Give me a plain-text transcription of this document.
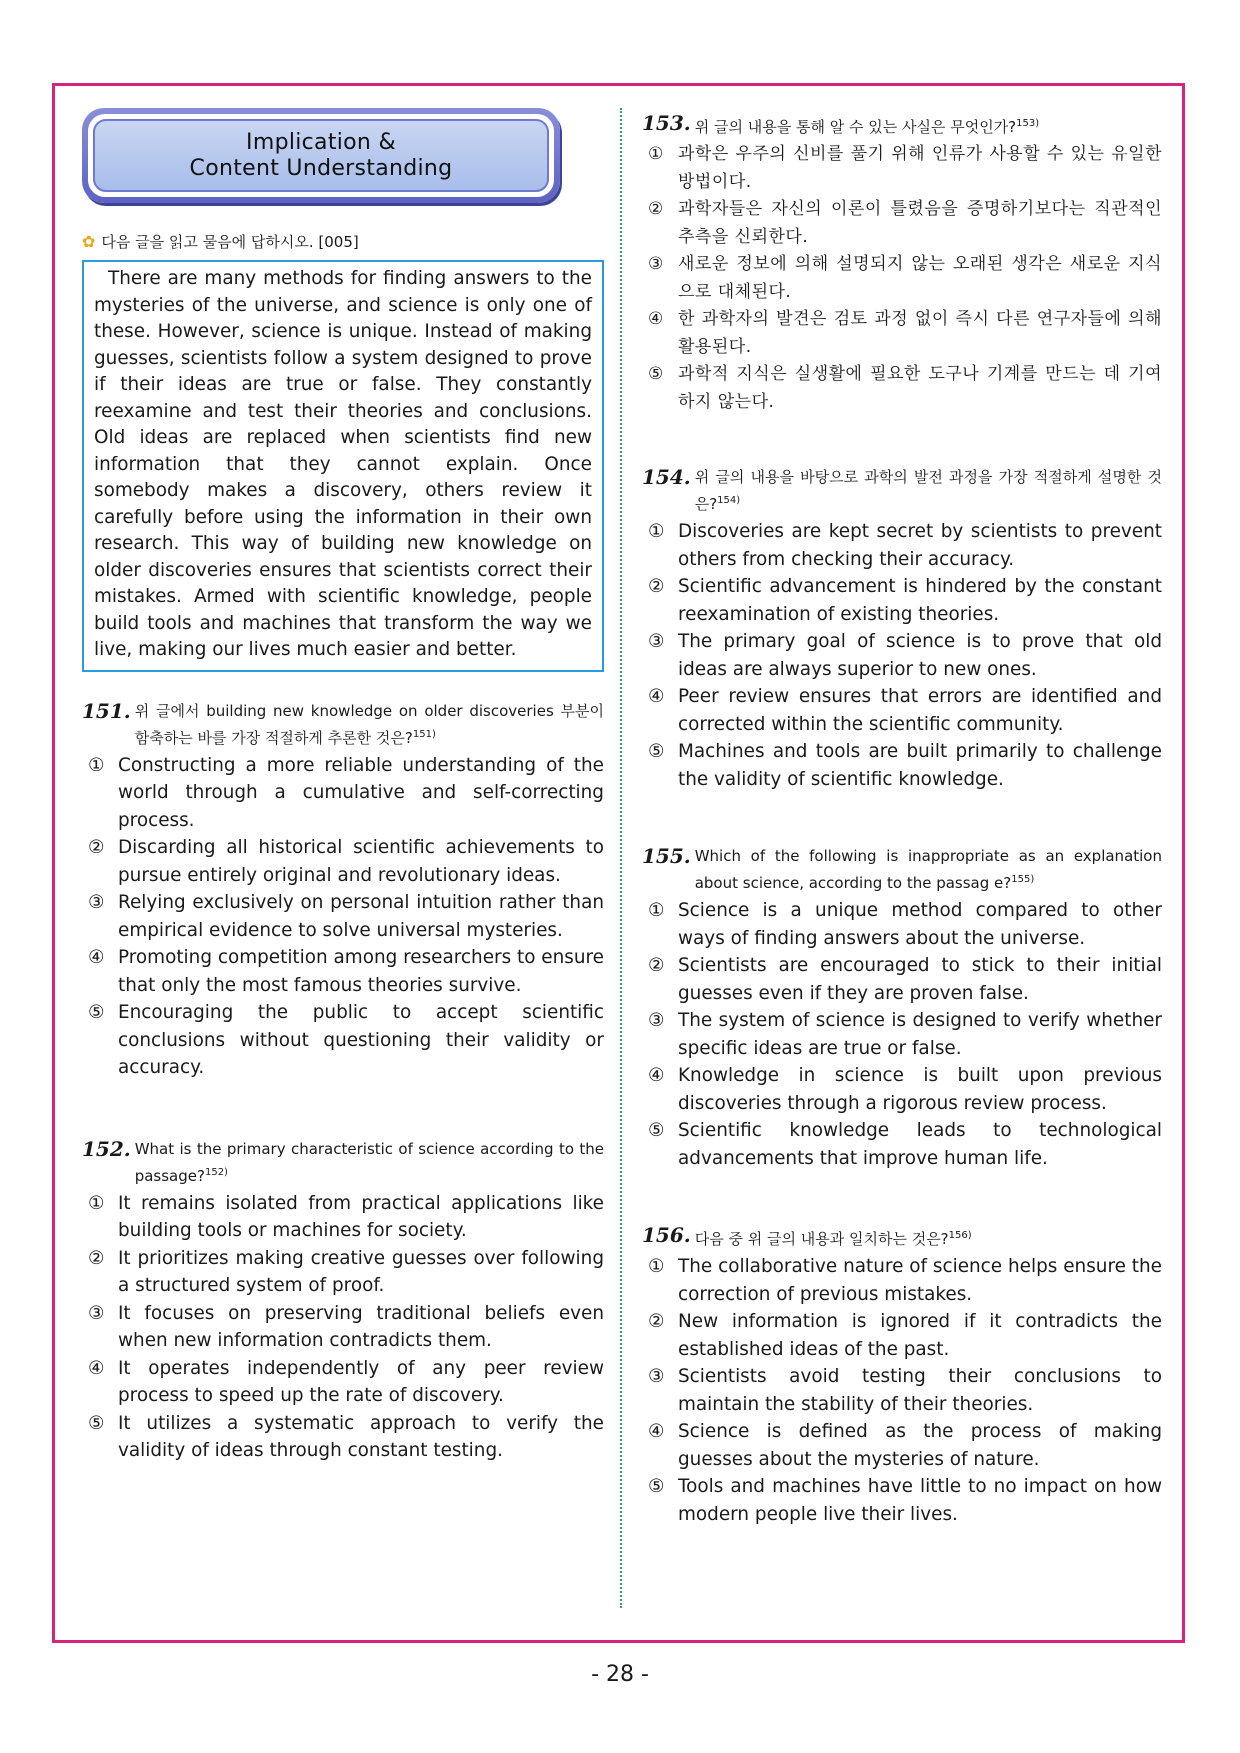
Implication &
Content Understanding
✿ 다음 글을 읽고 물음에 답하시오. [005]

There are many methods for finding answers to the mysteries of the universe, and science is only one of these. However, science is unique. Instead of making guesses, scientists follow a system designed to prove if their ideas are true or false. They constantly reexamine and test their theories and conclusions. Old ideas are replaced when scientists find new information that they cannot explain. Once somebody makes a discovery, others review it carefully before using the information in their own research. This way of building new knowledge on older discoveries ensures that scientists correct their mistakes. Armed with scientific knowledge, people build tools and machines that transform the way we live, making our lives much easier and better.

151. 위 글에서 building new knowledge on older discoveries 부분이 함축하는 바를 가장 적절하게 추론한 것은?$^{151)}$
① Constructing a more reliable understanding of the world through a cumulative and self-correcting process.
② Discarding all historical scientific achievements to pursue entirely original and revolutionary ideas.
③ Relying exclusively on personal intuition rather than empirical evidence to solve universal mysteries.
④ Promoting competition among researchers to ensure that only the most famous theories survive.
⑤ Encouraging the public to accept scientific conclusions without questioning their validity or accuracy.
152. What is the primary characteristic of science according to the passage?$^{152)}$
① It remains isolated from practical applications like building tools or machines for society.
② It prioritizes making creative guesses over following a structured system of proof.
③ It focuses on preserving traditional beliefs even when new information contradicts them.
④ It operates independently of any peer review process to speed up the rate of discovery.
⑤ It utilizes a systematic approach to verify the validity of ideas through constant testing.
153. 위 글의 내용을 통해 알 수 있는 사실은 무엇인가?$^{153)}$
① 과학은 우주의 신비를 풀기 위해 인류가 사용할 수 있는 유일한 방법이다.
② 과학자들은 자신의 이론이 틀렸음을 증명하기보다는 직관적인 추측을 신뢰한다.
③ 새로운 정보에 의해 설명되지 않는 오래된 생각은 새로운 지식으로 대체된다.
④ 한 과학자의 발견은 검토 과정 없이 즉시 다른 연구자들에 의해 활용된다.
⑤ 과학적 지식은 실생활에 필요한 도구나 기계를 만드는 데 기여하지 않는다.
154. 위 글의 내용을 바탕으로 과학의 발전 과정을 가장 적절하게 설명한 것은?$^{154)}$
① Discoveries are kept secret by scientists to prevent others from checking their accuracy.
② Scientific advancement is hindered by the constant reexamination of existing theories.
③ The primary goal of science is to prove that old ideas are always superior to new ones.
④ Peer review ensures that errors are identified and corrected within the scientific community.
⑤ Machines and tools are built primarily to challenge the validity of scientific knowledge.
155. Which of the following is inappropriate as an explanation about science, according to the passag e?$^{155)}$
① Science is a unique method compared to other ways of finding answers about the universe.
② Scientists are encouraged to stick to their initial guesses even if they are proven false.
③ The system of science is designed to verify whether specific ideas are true or false.
④ Knowledge in science is built upon previous discoveries through a rigorous review process.
⑤ Scientific knowledge leads to technological advancements that improve human life.
156. 다음 중 위 글의 내용과 일치하는 것은?$^{156)}$
① The collaborative nature of science helps ensure the correction of previous mistakes.
② New information is ignored if it contradicts the established ideas of the past.
③ Scientists avoid testing their conclusions to maintain the stability of their theories.
④ Science is defined as the process of making guesses about the mysteries of nature.
⑤ Tools and machines have little to no impact on how modern people live their lives.
- 28 -
